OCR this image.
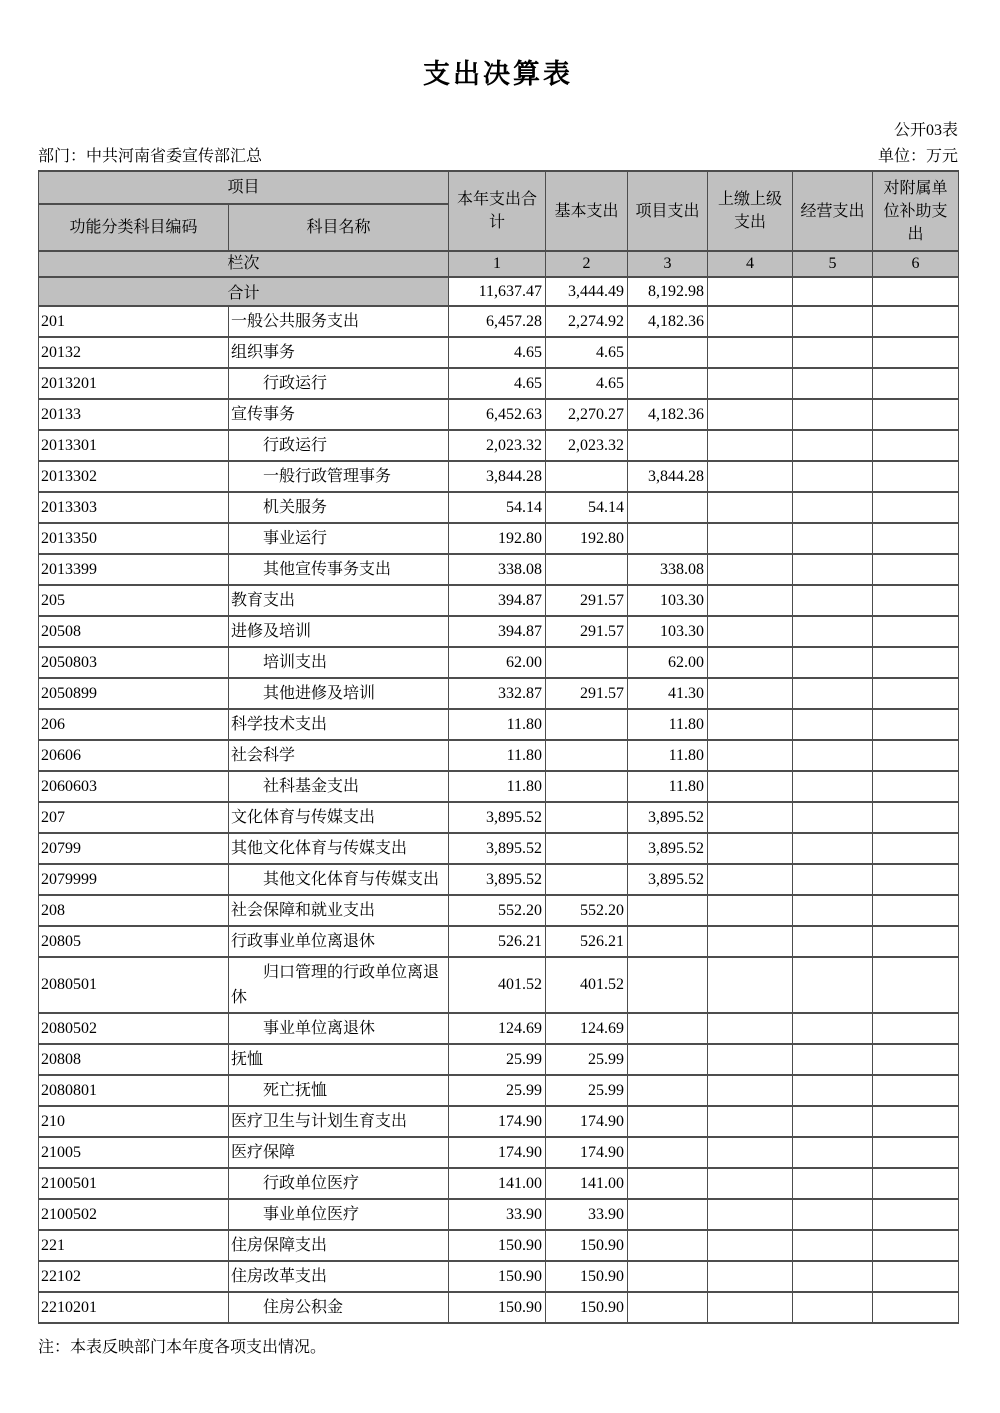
支出决算表
公开03表
部门：中共河南省委宣传部汇总	单位：万元
项目		本年支出合计	基本支出	项目支出	上缴上级支出	经营支出	对附属单位补助支出
功能分类科目编码	科目名称						
栏次		1	2	3	4	5	6
合计		11,637.47	3,444.49	8,192.98			
201	一般公共服务支出	6,457.28	2,274.92	4,182.36			
20132	组织事务	4.65	4.65				
2013201	行政运行	4.65	4.65				
20133	宣传事务	6,452.63	2,270.27	4,182.36			
2013301	行政运行	2,023.32	2,023.32				
2013302	一般行政管理事务	3,844.28		3,844.28			
2013303	机关服务	54.14	54.14				
2013350	事业运行	192.80	192.80				
2013399	其他宣传事务支出	338.08		338.08			
205	教育支出	394.87	291.57	103.30			
20508	进修及培训	394.87	291.57	103.30			
2050803	培训支出	62.00		62.00			
2050899	其他进修及培训	332.87	291.57	41.30			
206	科学技术支出	11.80		11.80			
20606	社会科学	11.80		11.80			
2060603	社科基金支出	11.80		11.80			
207	文化体育与传媒支出	3,895.52		3,895.52			
20799	其他文化体育与传媒支出	3,895.52		3,895.52			
2079999	其他文化体育与传媒支出	3,895.52		3,895.52			
208	社会保障和就业支出	552.20	552.20				
20805	行政事业单位离退休	526.21	526.21				
2080501	归口管理的行政单位离退休	401.52	401.52				
2080502	事业单位离退休	124.69	124.69				
20808	抚恤	25.99	25.99				
2080801	死亡抚恤	25.99	25.99				
210	医疗卫生与计划生育支出	174.90	174.90				
21005	医疗保障	174.90	174.90				
2100501	行政单位医疗	141.00	141.00				
2100502	事业单位医疗	33.90	33.90				
221	住房保障支出	150.90	150.90				
22102	住房改革支出	150.90	150.90				
2210201	住房公积金	150.90	150.90				
注：本表反映部门本年度各项支出情况。
